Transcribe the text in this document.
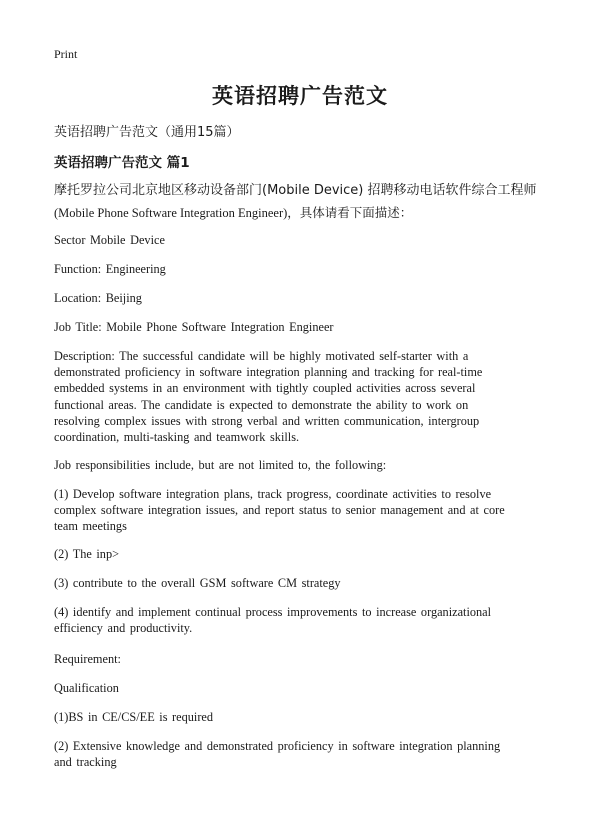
Print
英语招聘广告范文
英语招聘广告范文（通用15篇）
英语招聘广告范文 篇1
摩托罗拉公司北京地区移动设备部门(Mobile Device) 招聘移动电话软件综合工程师
(Mobile Phone Software Integration Engineer)，具体请看下面描述：
Sector Mobile Device
Function: Engineering
Location: Beijing
Job Title: Mobile Phone Software Integration Engineer
Description: The successful candidate will be highly motivated self-starter with a
demonstrated proficiency in software integration planning and tracking for real-time
embedded systems in an environment with tightly coupled activities across several
functional areas. The candidate is expected to demonstrate the ability to work on
resolving complex issues with strong verbal and written communication, intergroup
coordination, multi-tasking and teamwork skills.
Job responsibilities include, but are not limited to, the following:
(1) Develop software integration plans, track progress, coordinate activities to resolve
complex software integration issues, and report status to senior management and at core
team meetings
(2) The inp>
(3) contribute to the overall GSM software CM strategy
(4) identify and implement continual process improvements to increase organizational
efficiency and productivity.
Requirement:
Qualification
(1)BS in CE/CS/EE is required
(2) Extensive knowledge and demonstrated proficiency in software integration planning
and tracking
